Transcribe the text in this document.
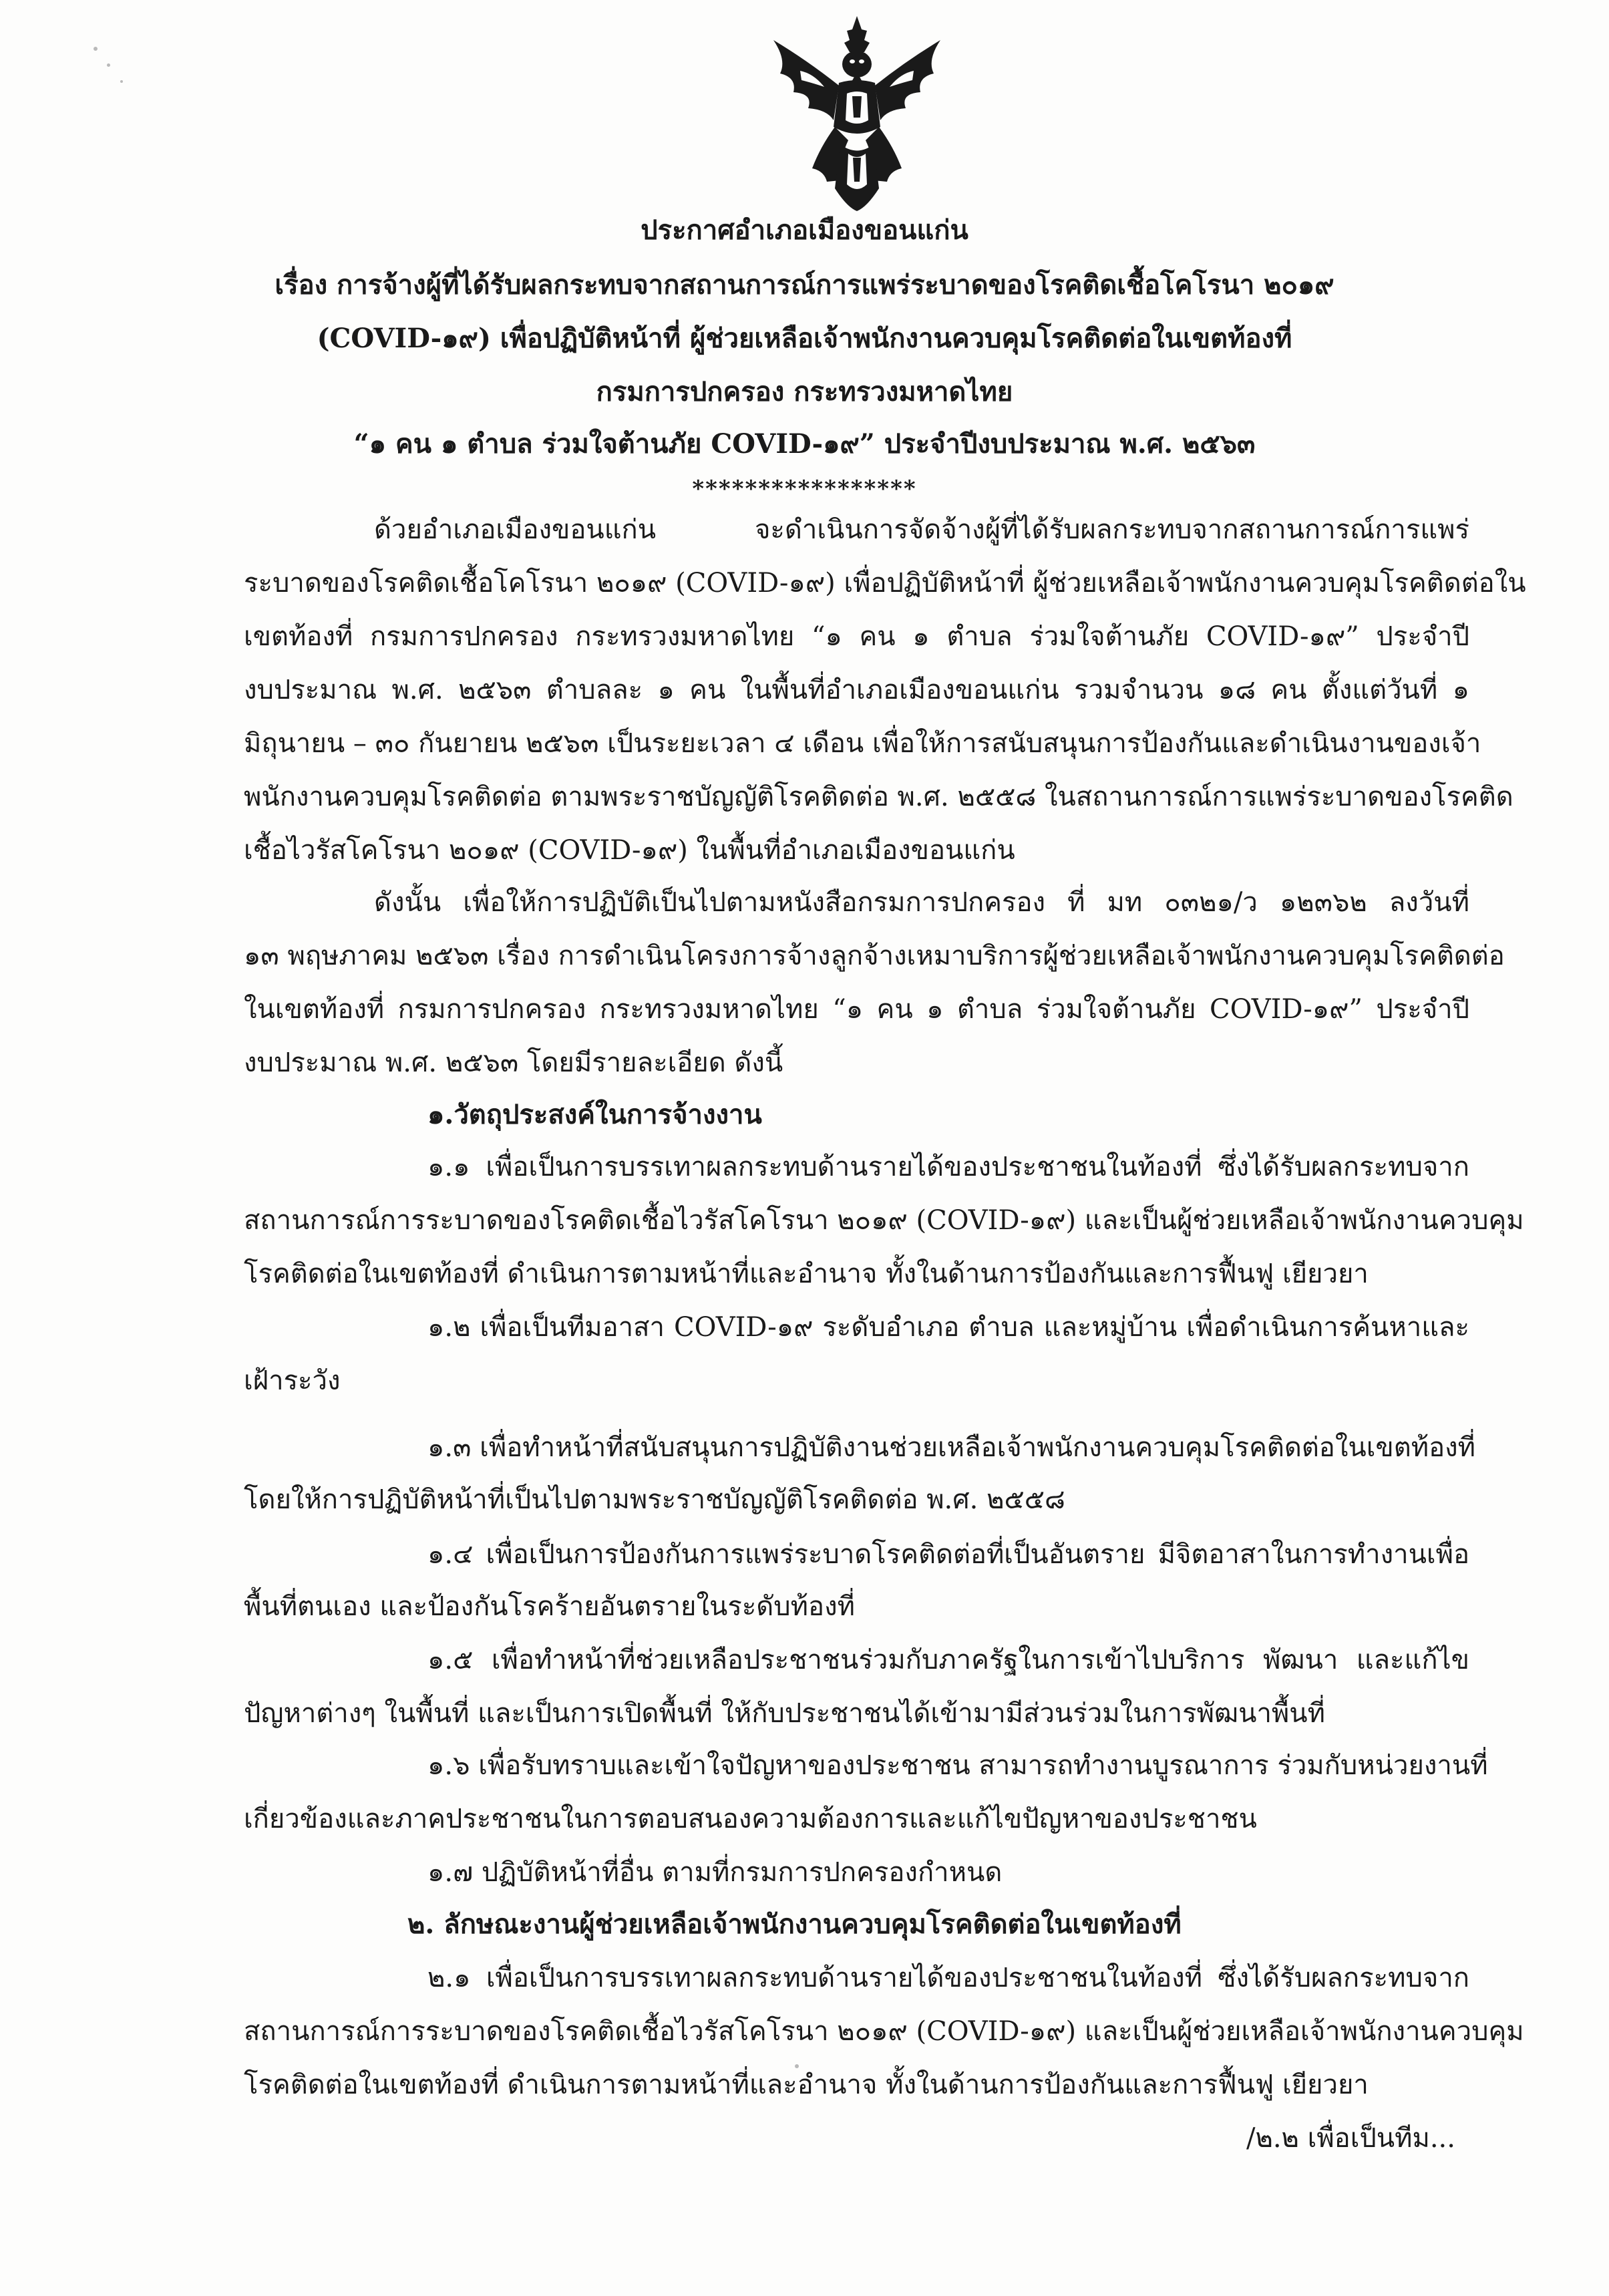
ประกาศอำเภอเมืองขอนแก่น
เรื่อง การจ้างผู้ที่ได้รับผลกระทบจากสถานการณ์การแพร่ระบาดของโรคติดเชื้อโคโรนา ๒๐๑๙
(COVID-๑๙) เพื่อปฏิบัติหน้าที่ ผู้ช่วยเหลือเจ้าพนักงานควบคุมโรคติดต่อในเขตท้องที่
กรมการปกครอง กระทรวงมหาดไทย
“๑ คน ๑ ตำบล ร่วมใจต้านภัย COVID-๑๙” ประจำปีงบประมาณ พ.ศ. ๒๕๖๓
*****************
ด้วยอำเภอเมืองขอนแก่น จะดำเนินการจัดจ้างผู้ที่ได้รับผลกระทบจากสถานการณ์การแพร่
ระบาดของโรคติดเชื้อโคโรนา ๒๐๑๙ (COVID-๑๙) เพื่อปฏิบัติหน้าที่ ผู้ช่วยเหลือเจ้าพนักงานควบคุมโรคติดต่อใน
เขตท้องที่ กรมการปกครอง กระทรวงมหาดไทย “๑ คน ๑ ตำบล ร่วมใจต้านภัย COVID-๑๙” ประจำปี
งบประมาณ พ.ศ. ๒๕๖๓ ตำบลละ ๑ คน ในพื้นที่อำเภอเมืองขอนแก่น รวมจำนวน ๑๘ คน ตั้งแต่วันที่ ๑
มิถุนายน – ๓๐ กันยายน ๒๕๖๓ เป็นระยะเวลา ๔ เดือน เพื่อให้การสนับสนุนการป้องกันและดำเนินงานของเจ้า
พนักงานควบคุมโรคติดต่อ ตามพระราชบัญญัติโรคติดต่อ พ.ศ. ๒๕๕๘ ในสถานการณ์การแพร่ระบาดของโรคติด
เชื้อไวรัสโคโรนา ๒๐๑๙ (COVID-๑๙) ในพื้นที่อำเภอเมืองขอนแก่น
ดังนั้น เพื่อให้การปฏิบัติเป็นไปตามหนังสือกรมการปกครอง ที่ มท ๐๓๒๑/ว ๑๒๓๖๒ ลงวันที่
๑๓ พฤษภาคม ๒๕๖๓ เรื่อง การดำเนินโครงการจ้างลูกจ้างเหมาบริการผู้ช่วยเหลือเจ้าพนักงานควบคุมโรคติดต่อ
ในเขตท้องที่ กรมการปกครอง กระทรวงมหาดไทย “๑ คน ๑ ตำบล ร่วมใจต้านภัย COVID-๑๙” ประจำปี
งบประมาณ พ.ศ. ๒๕๖๓ โดยมีรายละเอียด ดังนี้
๑.วัตถุประสงค์ในการจ้างงาน
๑.๑ เพื่อเป็นการบรรเทาผลกระทบด้านรายได้ของประชาชนในท้องที่ ซึ่งได้รับผลกระทบจาก
สถานการณ์การระบาดของโรคติดเชื้อไวรัสโคโรนา ๒๐๑๙ (COVID-๑๙) และเป็นผู้ช่วยเหลือเจ้าพนักงานควบคุม
โรคติดต่อในเขตท้องที่ ดำเนินการตามหน้าที่และอำนาจ ทั้งในด้านการป้องกันและการฟื้นฟู เยียวยา
๑.๒ เพื่อเป็นทีมอาสา COVID-๑๙ ระดับอำเภอ ตำบล และหมู่บ้าน เพื่อดำเนินการค้นหาและ
เฝ้าระวัง
๑.๓ เพื่อทำหน้าที่สนับสนุนการปฏิบัติงานช่วยเหลือเจ้าพนักงานควบคุมโรคติดต่อในเขตท้องที่
โดยให้การปฏิบัติหน้าที่เป็นไปตามพระราชบัญญัติโรคติดต่อ พ.ศ. ๒๕๕๘
๑.๔ เพื่อเป็นการป้องกันการแพร่ระบาดโรคติดต่อที่เป็นอันตราย มีจิตอาสาในการทำงานเพื่อ
พื้นที่ตนเอง และป้องกันโรคร้ายอันตรายในระดับท้องที่
๑.๕ เพื่อทำหน้าที่ช่วยเหลือประชาชนร่วมกับภาครัฐในการเข้าไปบริการ พัฒนา และแก้ไข
ปัญหาต่างๆ ในพื้นที่ และเป็นการเปิดพื้นที่ ให้กับประชาชนได้เข้ามามีส่วนร่วมในการพัฒนาพื้นที่
๑.๖ เพื่อรับทราบและเข้าใจปัญหาของประชาชน สามารถทำงานบูรณาการ ร่วมกับหน่วยงานที่
เกี่ยวข้องและภาคประชาชนในการตอบสนองความต้องการและแก้ไขปัญหาของประชาชน
๑.๗ ปฏิบัติหน้าที่อื่น ตามที่กรมการปกครองกำหนด
๒. ลักษณะงานผู้ช่วยเหลือเจ้าพนักงานควบคุมโรคติดต่อในเขตท้องที่
๒.๑ เพื่อเป็นการบรรเทาผลกระทบด้านรายได้ของประชาชนในท้องที่ ซึ่งได้รับผลกระทบจาก
สถานการณ์การระบาดของโรคติดเชื้อไวรัสโคโรนา ๒๐๑๙ (COVID-๑๙) และเป็นผู้ช่วยเหลือเจ้าพนักงานควบคุม
โรคติดต่อในเขตท้องที่ ดำเนินการตามหน้าที่และอำนาจ ทั้งในด้านการป้องกันและการฟื้นฟู เยียวยา
/๒.๒ เพื่อเป็นทีม...
